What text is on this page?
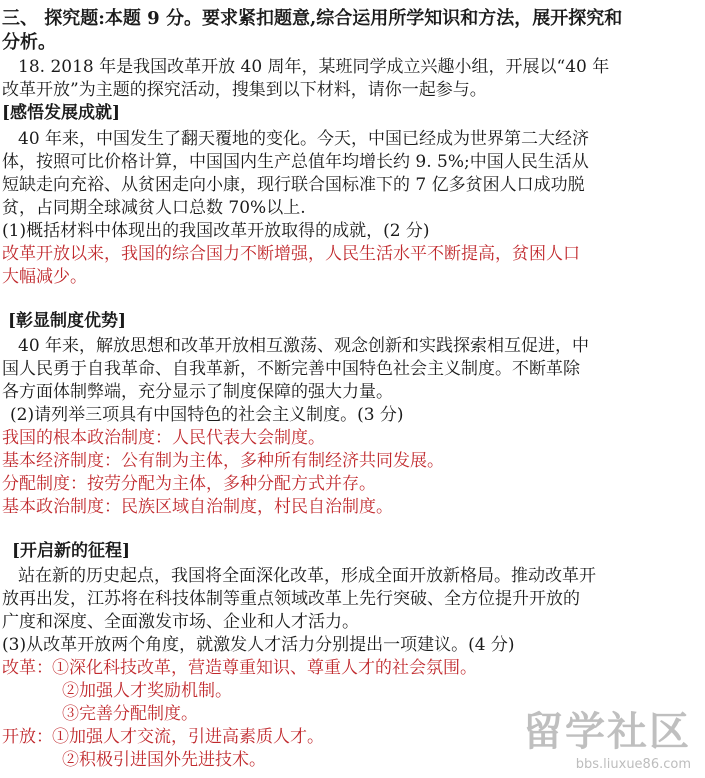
三、 探究题:本题 9 分。要求紧扣题意,综合运用所学知识和方法，展开探究和
分析。
18. 2018 年是我国改革开放 40 周年，某班同学成立兴趣小组，开展以“40 年
改革开放”为主题的探究活动，搜集到以下材料，请你一起参与。
[感悟发展成就]
40 年来，中国发生了翻天覆地的变化。今天，中国已经成为世界第二大经济
体，按照可比价格计算，中国国内生产总值年均增长约 9. 5%;中国人民生活从
短缺走向充裕、从贫困走向小康，现行联合国标准下的 7 亿多贫困人口成功脱
贫，占同期全球减贫人口总数 70%以上.
(1)概括材料中体现出的我国改革开放取得的成就，(2 分)
改革开放以来，我国的综合国力不断增强，人民生活水平不断提高，贫困人口
大幅减少。
[彰显制度优势]
40 年来，解放思想和改革开放相互激荡、观念创新和实践探索相互促进，中
国人民勇于自我革命、自我革新，不断完善中国特色社会主义制度。不断革除
各方面体制弊端，充分显示了制度保障的强大力量。
(2)请列举三项具有中国特色的社会主义制度。(3 分)
我国的根本政治制度：人民代表大会制度。
基本经济制度：公有制为主体，多种所有制经济共同发展。
分配制度：按劳分配为主体，多种分配方式并存。
基本政治制度：民族区域自治制度，村民自治制度。
[开启新的征程]
站在新的历史起点，我国将全面深化改革，形成全面开放新格局。推动改革开
放再出发，江苏将在科技体制等重点领域改革上先行突破、全方位提升开放的
广度和深度、全面激发市场、企业和人才活力。
(3)从改革开放两个角度，就激发人才活力分别提出一项建议。(4 分)
改革： ①深化科技改革，营造尊重知识、尊重人才的社会氛围。
②加强人才奖励机制。
③完善分配制度。
开放： ①加强人才交流，引进高素质人才。
②积极引进国外先进技术。
留学社区
bbs.liuxue86.com
